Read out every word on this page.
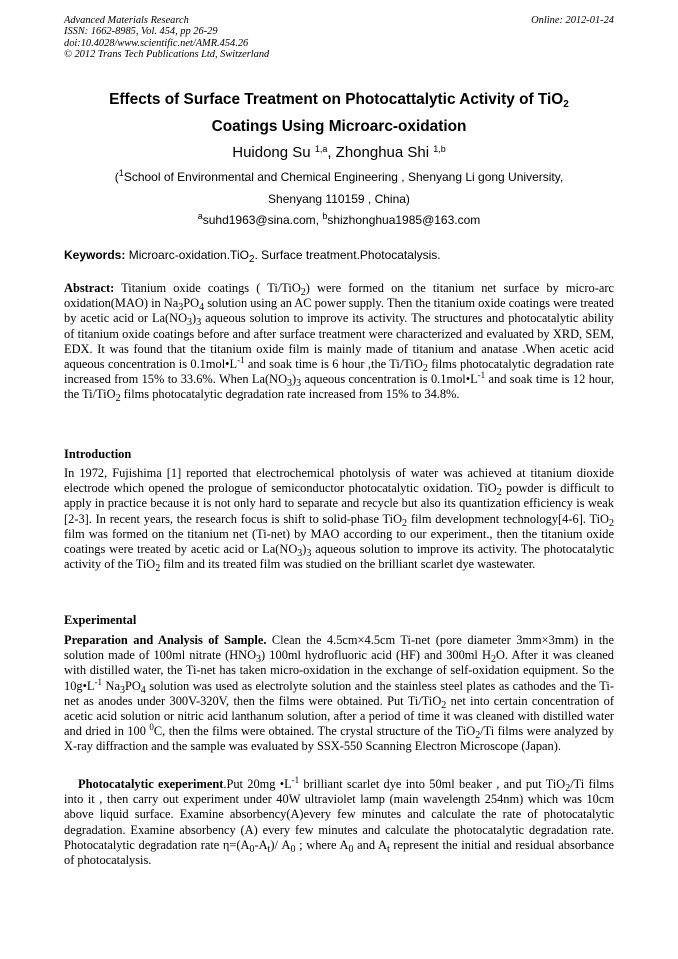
Advanced Materials Research
ISSN: 1662-8985, Vol. 454, pp 26-29
doi:10.4028/www.scientific.net/AMR.454.26
© 2012 Trans Tech Publications Ltd, Switzerland
Online: 2012-01-24
Effects of Surface Treatment on Photocattalytic Activity of TiO$_2$
Coatings Using Microarc-oxidation
Huidong Su $^{1,a}$, Zhonghua Shi $^{1,b}$
($^1$School of Environmental and Chemical Engineering , Shenyang Li gong University,
Shenyang 110159 , China)
$^a$suhd1963@sina.com, $^b$shizhonghua1985@163.com
Keywords: Microarc-oxidation.TiO$_2$. Surface treatment.Photocatalysis.
Abstract: Titanium oxide coatings ( Ti/TiO$_2$) were formed on the titanium net surface by micro-arc oxidation(MAO) in $Na_3PO_4$ solution using an AC power supply. Then the titanium oxide coatings were treated by acetic acid or $La(NO_3)_3$ aqueous solution to improve its activity. The structures and photocatalytic ability of titanium oxide coatings before and after surface treatment were characterized and evaluated by XRD, SEM, EDX. It was found that the titanium oxide film is mainly made of titanium and anatase .When acetic acid aqueous concentration is $0.1mol•L^{-1}$ and soak time is 6 hour ,the Ti/TiO$_2$ films photocatalytic degradation rate increased from 15% to 33.6%. When $La(NO_3)_3$ aqueous concentration is $0.1mol•L^{-1}$ and soak time is 12 hour, the Ti/TiO$_2$ films photocatalytic degradation rate increased from 15% to 34.8%.
Introduction
In 1972, Fujishima [1] reported that electrochemical photolysis of water was achieved at titanium dioxide electrode which opened the prologue of semiconductor photocatalytic oxidation. TiO$_2$ powder is difficult to apply in practice because it is not only hard to separate and recycle but also its quantization efficiency is weak [2-3]. In recent years, the research focus is shift to solid-phase TiO$_2$ film development technology[4-6]. TiO$_2$ film was formed on the titanium net (Ti-net) by MAO according to our experiment., then the titanium oxide coatings were treated by acetic acid or $La(NO_3)_3$ aqueous solution to improve its activity. The photocatalytic activity of the TiO$_2$ film and its treated film was studied on the brilliant scarlet dye wastewater.
Experimental
Preparation and Analysis of Sample. Clean the 4.5cm×4.5cm Ti-net (pore diameter 3mm×3mm) in the solution made of 100ml nitrate $(HNO_3)$ 100ml hydrofluoric acid (HF) and 300ml $H_2O$. After it was cleaned with distilled water, the Ti-net has taken micro-oxidation in the exchange of self-oxidation equipment. So the $10g•L^{-1}$ $Na_3PO_4$ solution was used as electrolyte solution and the stainless steel plates as cathodes and the Ti-net as anodes under 300V-320V, then the films were obtained. Put Ti/TiO$_2$ net into certain concentration of acetic acid solution or nitric acid lanthanum solution, after a period of time it was cleaned with distilled water and dried in 100 $^0$C, then the films were obtained. The crystal structure of the TiO$_2$/Ti films were analyzed by X-ray diffraction and the sample was evaluated by SSX-550 Scanning Electron Microscope (Japan).
Photocatalytic exeperiment.Put 20mg $•L^{-1}$ brilliant scarlet dye into 50ml beaker , and put TiO$_2$/Ti films into it , then carry out experiment under 40W ultraviolet lamp (main wavelength 254nm) which was 10cm above liquid surface. Examine absorbency(A)every few minutes and calculate the rate of photocatalytic degradation. Examine absorbency (A) every few minutes and calculate the photocatalytic degradation rate. Photocatalytic degradation rate $\eta=(A_0-A_t)/$ $A_0$ ; where $A_0$ and $A_t$ represent the initial and residual absorbance of photocatalysis.
